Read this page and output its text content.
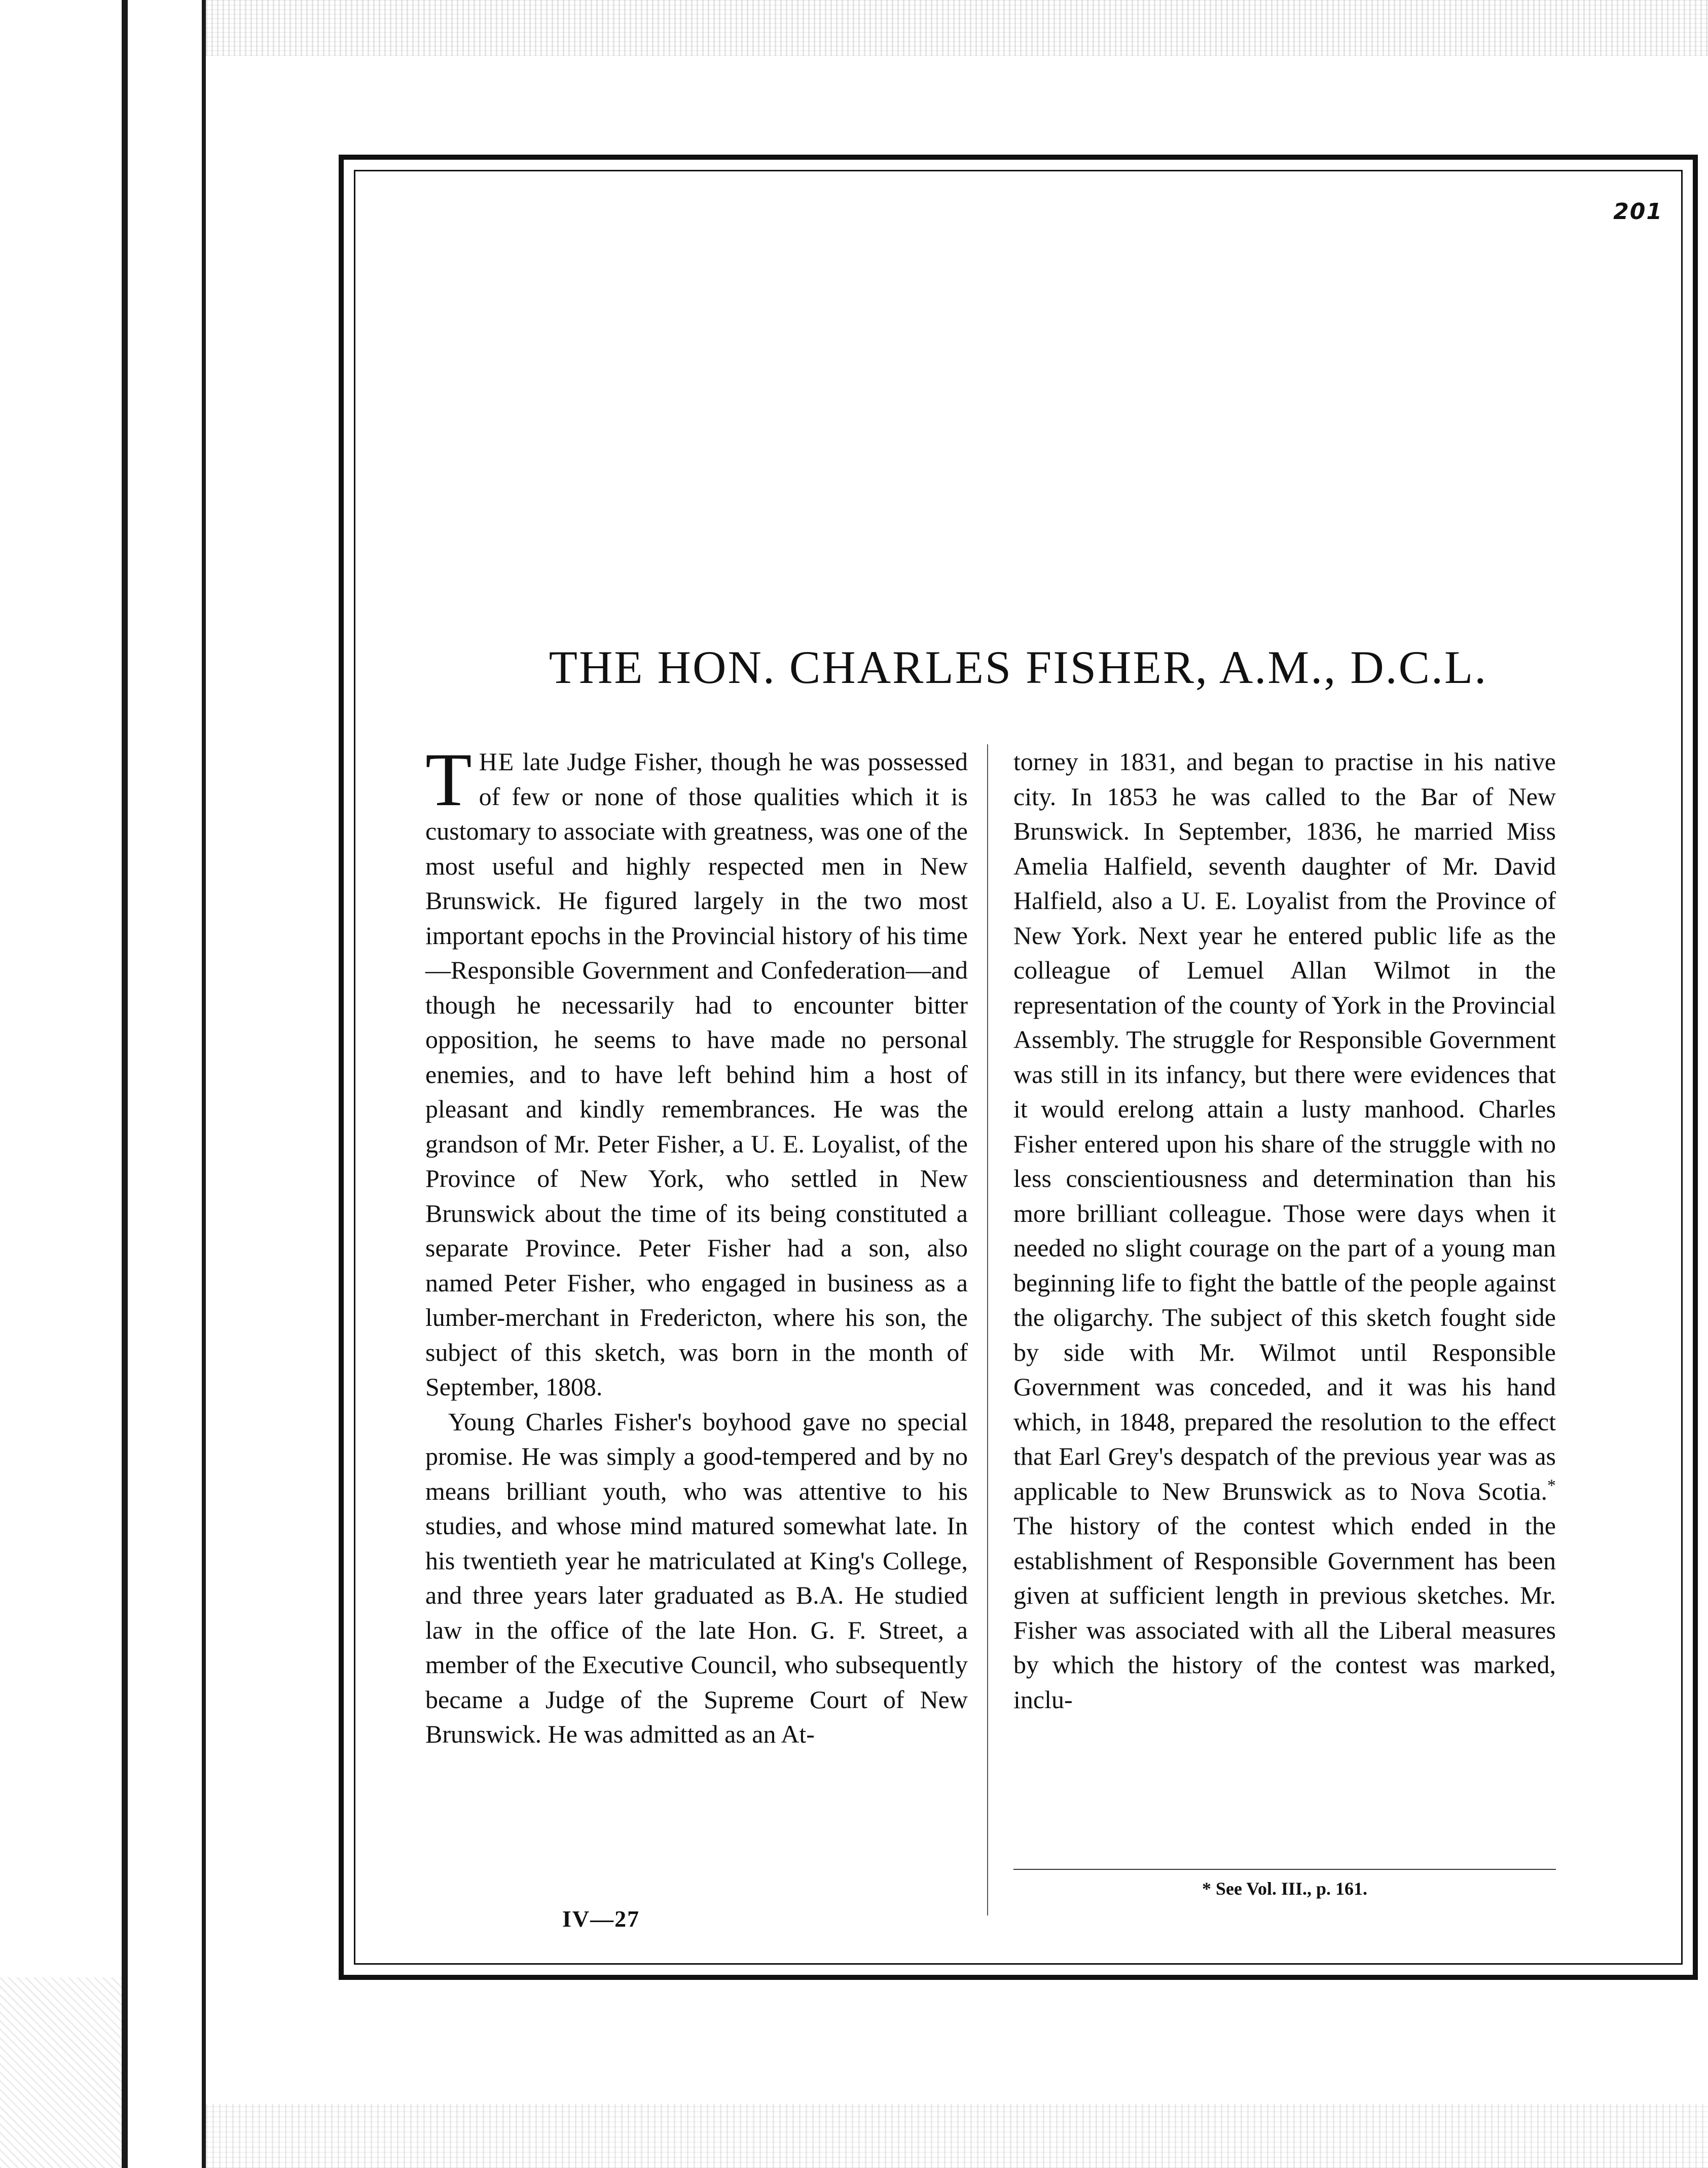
201
THE HON. CHARLES FISHER, A.M., D.C.L.

THE late Judge Fisher, though he was possessed of few or none of those qualities which it is customary to associate with greatness, was one of the most useful and highly respected men in New Brunswick. He figured largely in the two most important epochs in the Provincial history of his time—Responsible Government and Confederation—and though he necessarily had to encounter bitter opposition, he seems to have made no personal enemies, and to have left behind him a host of pleasant and kindly remembrances. He was the grandson of Mr. Peter Fisher, a U. E. Loyalist, of the Province of New York, who settled in New Brunswick about the time of its being constituted a separate Province. Peter Fisher had a son, also named Peter Fisher, who engaged in business as a lumber-merchant in Fredericton, where his son, the subject of this sketch, was born in the month of September, 1808.

Young Charles Fisher's boyhood gave no special promise. He was simply a good-tempered and by no means brilliant youth, who was attentive to his studies, and whose mind matured somewhat late. In his twentieth year he matriculated at King's College, and three years later graduated as B.A. He studied law in the office of the late Hon. G. F. Street, a member of the Executive Council, who subsequently became a Judge of the Supreme Court of New Brunswick. He was admitted as an At-

torney in 1831, and began to practise in his native city. In 1853 he was called to the Bar of New Brunswick. In September, 1836, he married Miss Amelia Halfield, seventh daughter of Mr. David Halfield, also a U. E. Loyalist from the Province of New York. Next year he entered public life as the colleague of Lemuel Allan Wilmot in the representation of the county of York in the Provincial Assembly. The struggle for Responsible Government was still in its infancy, but there were evidences that it would erelong attain a lusty manhood. Charles Fisher entered upon his share of the struggle with no less conscientiousness and determination than his more brilliant colleague. Those were days when it needed no slight courage on the part of a young man beginning life to fight the battle of the people against the oligarchy. The subject of this sketch fought side by side with Mr. Wilmot until Responsible Government was conceded, and it was his hand which, in 1848, prepared the resolution to the effect that Earl Grey's despatch of the previous year was as applicable to New Brunswick as to Nova Scotia.* The history of the contest which ended in the establishment of Responsible Government has been given at sufficient length in previous sketches. Mr. Fisher was associated with all the Liberal measures by which the history of the contest was marked, inclu-

* See Vol. III., p. 161.
IV—27
